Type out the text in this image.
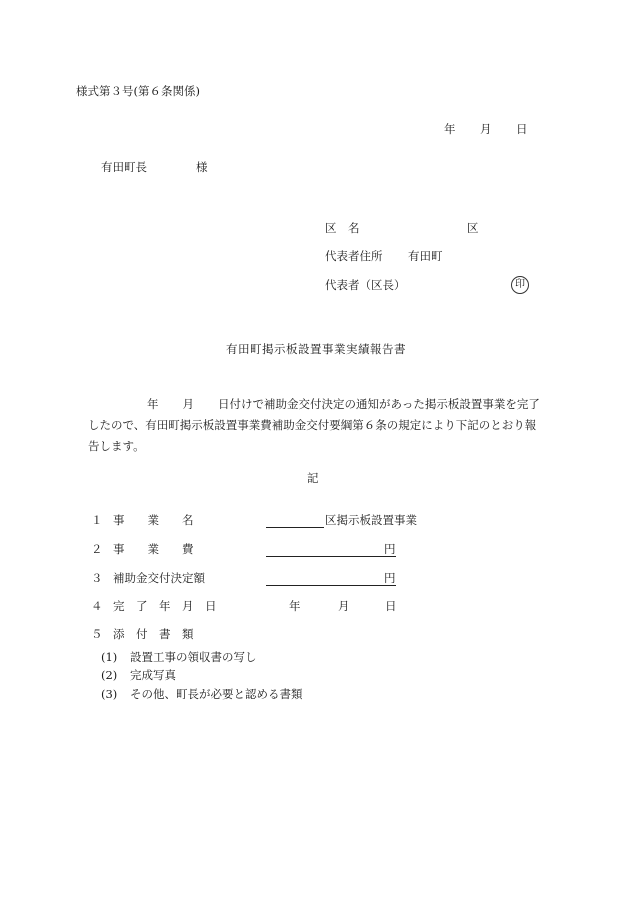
様式第３号(第６条関係)
年 月 日
有田町長	様
区　名	区
代表者住所 有田町
代表者（区長）	印
有田町掲示板設置事業実績報告書
年 月 日付けで補助金交付決定の通知があった掲示板設置事業を完了
したので、有田町掲示板設置事業費補助金交付要綱第６条の規定により下記のとおり報
告します。
記
１ 事　　業　　名	区掲示板設置事業
２ 事　　業　　費	円
３ 補助金交付決定額	円
４ 完　了　年　月　日	年	月	日
５ 添　付　書　類
(1) 設置工事の領収書の写し
(2) 完成写真
(3) その他、町長が必要と認める書類
